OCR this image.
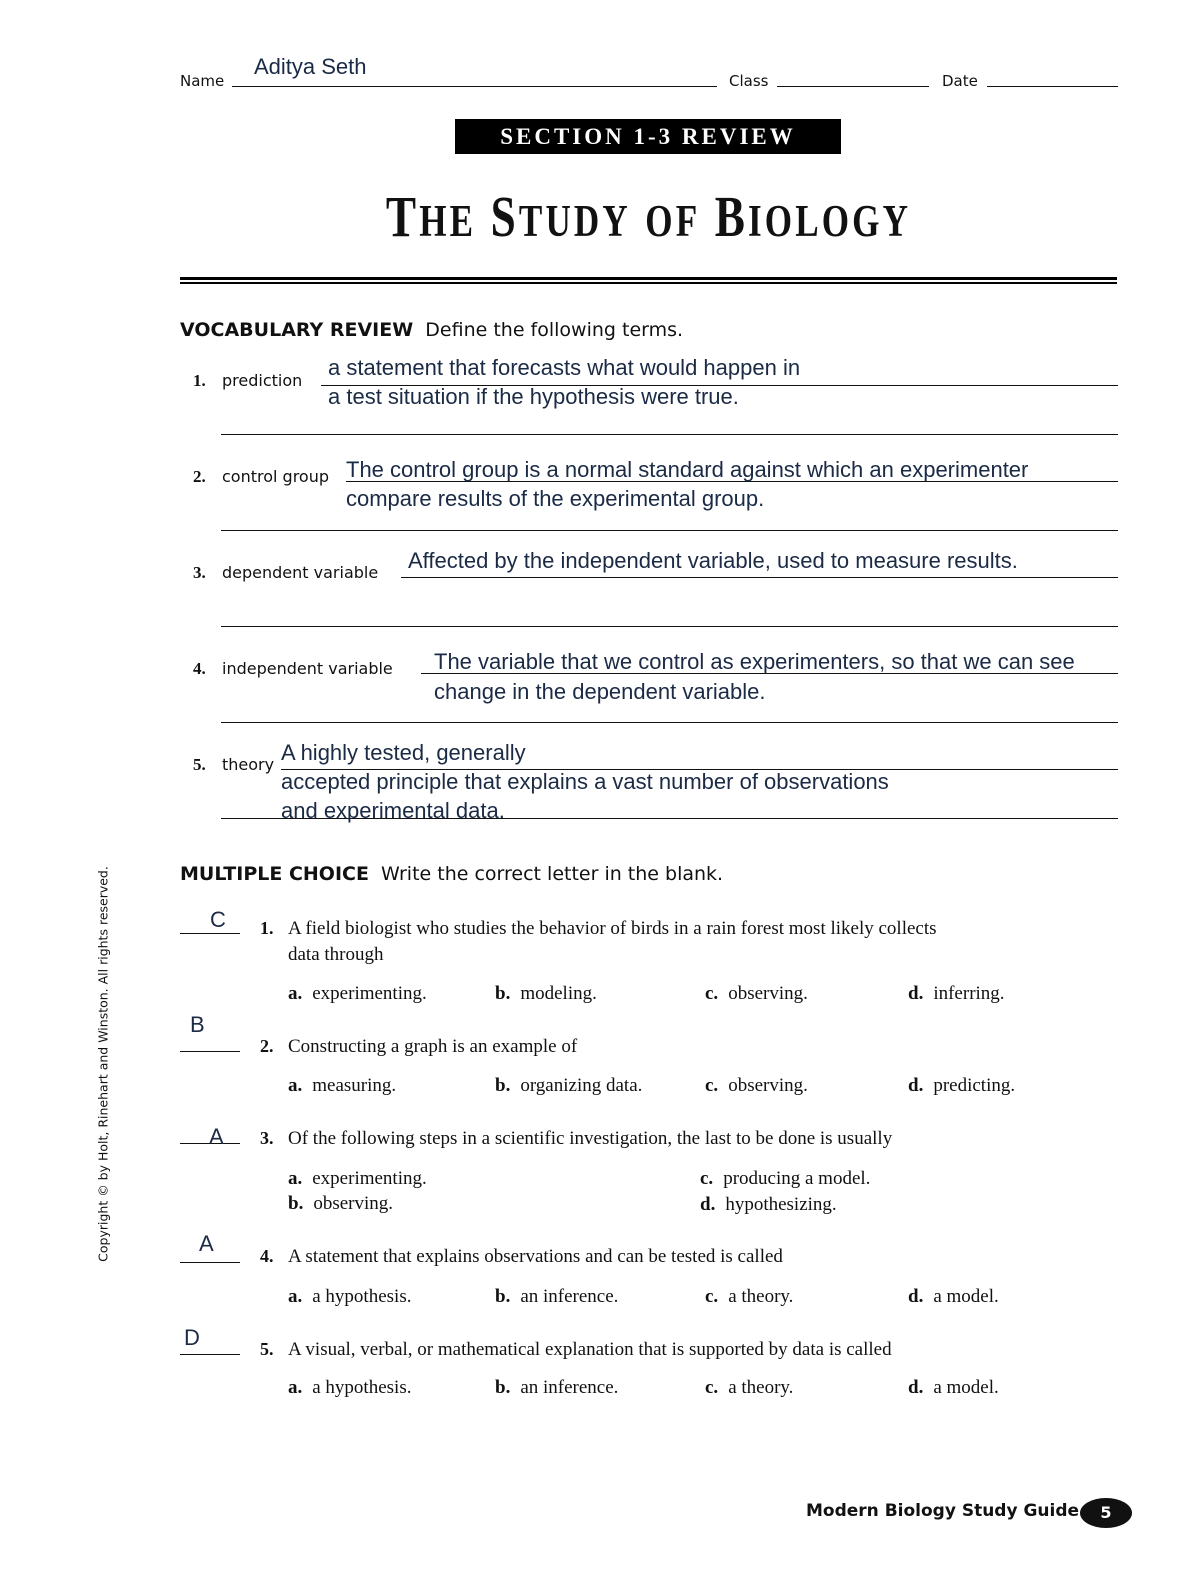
Name
Aditya Seth
Class	Date
SECTION 1-3 REVIEW
THE STUDY OF BIOLOGY
VOCABULARY REVIEW Define the following terms.
1. prediction
a statement that forecasts what would happen in
a test situation if the hypothesis were true.
2. control group The control group is a normal standard against which an experimenter
compare results of the experimental group.
3. dependent variable Affected by the independent variable, used to measure results.
4. independent variable The variable that we control as experimenters, so that we can see
change in the dependent variable.
5. theory A highly tested, generally
accepted principle that explains a vast number of observations
and experimental data.
MULTIPLE CHOICE Write the correct letter in the blank.
C 1. A field biologist who studies the behavior of birds in a rain forest most likely collects
data through
a. experimenting.	b. modeling.	c. observing.	d. inferring.
B
2. Constructing a graph is an example of
a. measuring.	b. organizing data.	c. observing.	d. predicting.
A 3. Of the following steps in a scientific investigation, the last to be done is usually
a. experimenting.
b. observing.
c. producing a model.
d. hypothesizing.
A	4. A statement that explains observations and can be tested is called
a. a hypothesis.	b. an inference.	c. a theory.	d. a model.
D	5. A visual, verbal, or mathematical explanation that is supported by data is called
a. a hypothesis.	b. an inference.	c. a theory.	d. a model.
Copyright © by Holt, Rinehart and Winston. All rights reserved.
Modern Biology Study Guide	5
